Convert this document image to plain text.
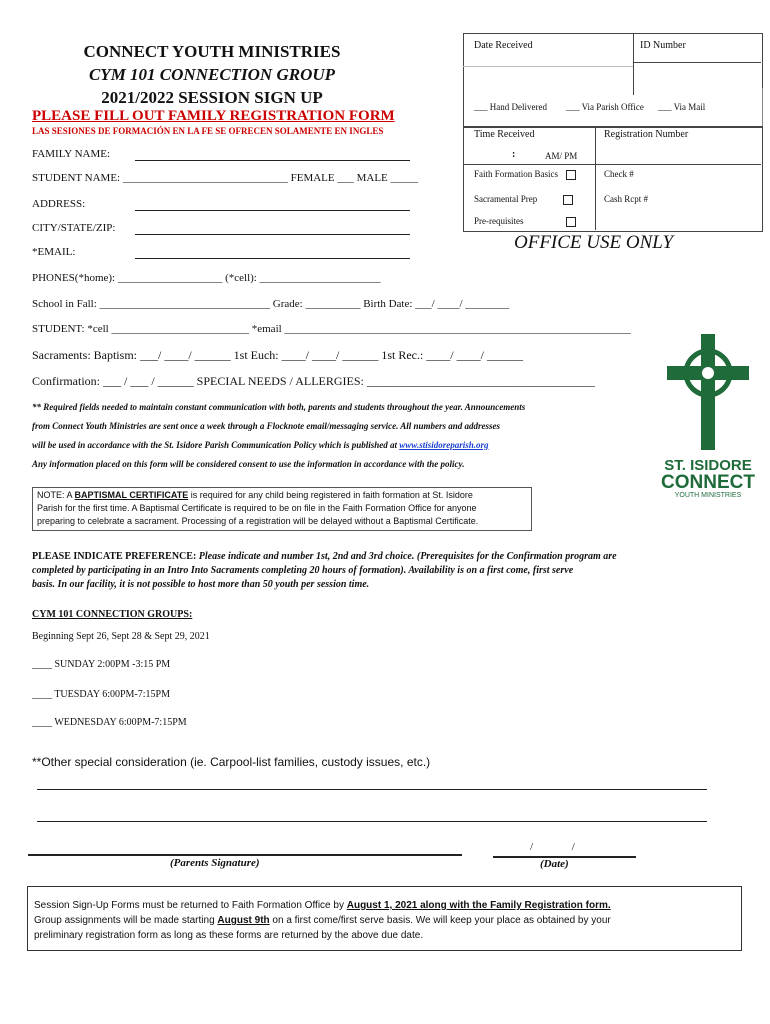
CONNECT YOUTH MINISTRIES
CYM 101 CONNECTION GROUP
2021/2022 SESSION SIGN UP
PLEASE FILL OUT FAMILY REGISTRATION FORM
LAS SESIONES DE FORMACIÓN EN LA FE SE OFRECEN SOLAMENTE EN INGLES
Date Received	ID Number
___ Hand Delivered ___ Via Parish Office ___ Via Mail
Time Received	Registration Number
:	AM/ PM
Faith Formation Basics	Check #
Sacramental Prep	Cash Rcpt #
Pre-requisites
OFFICE USE ONLY
FAMILY NAME:
STUDENT NAME: ______________________________ FEMALE ___ MALE _____
ADDRESS:
CITY/STATE/ZIP:
*EMAIL:
PHONES(*home): ___________________ (*cell): ______________________
School in Fall: _______________________________ Grade: __________ Birth Date: ___/ ____/ ________
STUDENT: *cell _________________________ *email _______________________________________________________________
Sacraments: Baptism: ___/ ____/ ______ 1st Euch: ____/ ____/ ______ 1st Rec.: ____/ ____/ ______
Confirmation: ___ / ___ / ______ SPECIAL NEEDS / ALLERGIES: ______________________________________
** Required fields needed to maintain constant communication with both, parents and students throughout the year. Announcements
from Connect Youth Ministries are sent once a week through a Flocknote email/messaging service. All numbers and addresses
will be used in accordance with the St. Isidore Parish Communication Policy which is published at www.stisidoreparish.org
Any information placed on this form will be considered consent to use the information in accordance with the policy.	ST. ISIDORE
CONNECT
YOUTH MINISTRIES
NOTE: A BAPTISMAL CERTIFICATE is required for any child being registered in faith formation at St. Isidore
Parish for the first time. A Baptismal Certificate is required to be on file in the Faith Formation Office for anyone
preparing to celebrate a sacrament. Processing of a registration will be delayed without a Baptismal Certificate.
PLEASE INDICATE PREFERENCE: Please indicate and number 1st, 2nd and 3rd choice. (Prerequisites for the Confirmation program are
completed by participating in an Intro Into Sacraments completing 20 hours of formation). Availability is on a first come, first serve
basis. In our facility, it is not possible to host more than 50 youth per session time.
CYM 101 CONNECTION GROUPS:
Beginning Sept 26, Sept 28 & Sept 29, 2021
____ SUNDAY 2:00PM -3:15 PM
____ TUESDAY 6:00PM-7:15PM
____ WEDNESDAY 6:00PM-7:15PM
**Other special consideration (ie. Carpool-list families, custody issues, etc.)
(Parents Signature)
/ /
(Date)
Session Sign-Up Forms must be returned to Faith Formation Office by August 1, 2021 along with the Family Registration form.
Group assignments will be made starting August 9th on a first come/first serve basis. We will keep your place as obtained by your
preliminary registration form as long as these forms are returned by the above due date.
